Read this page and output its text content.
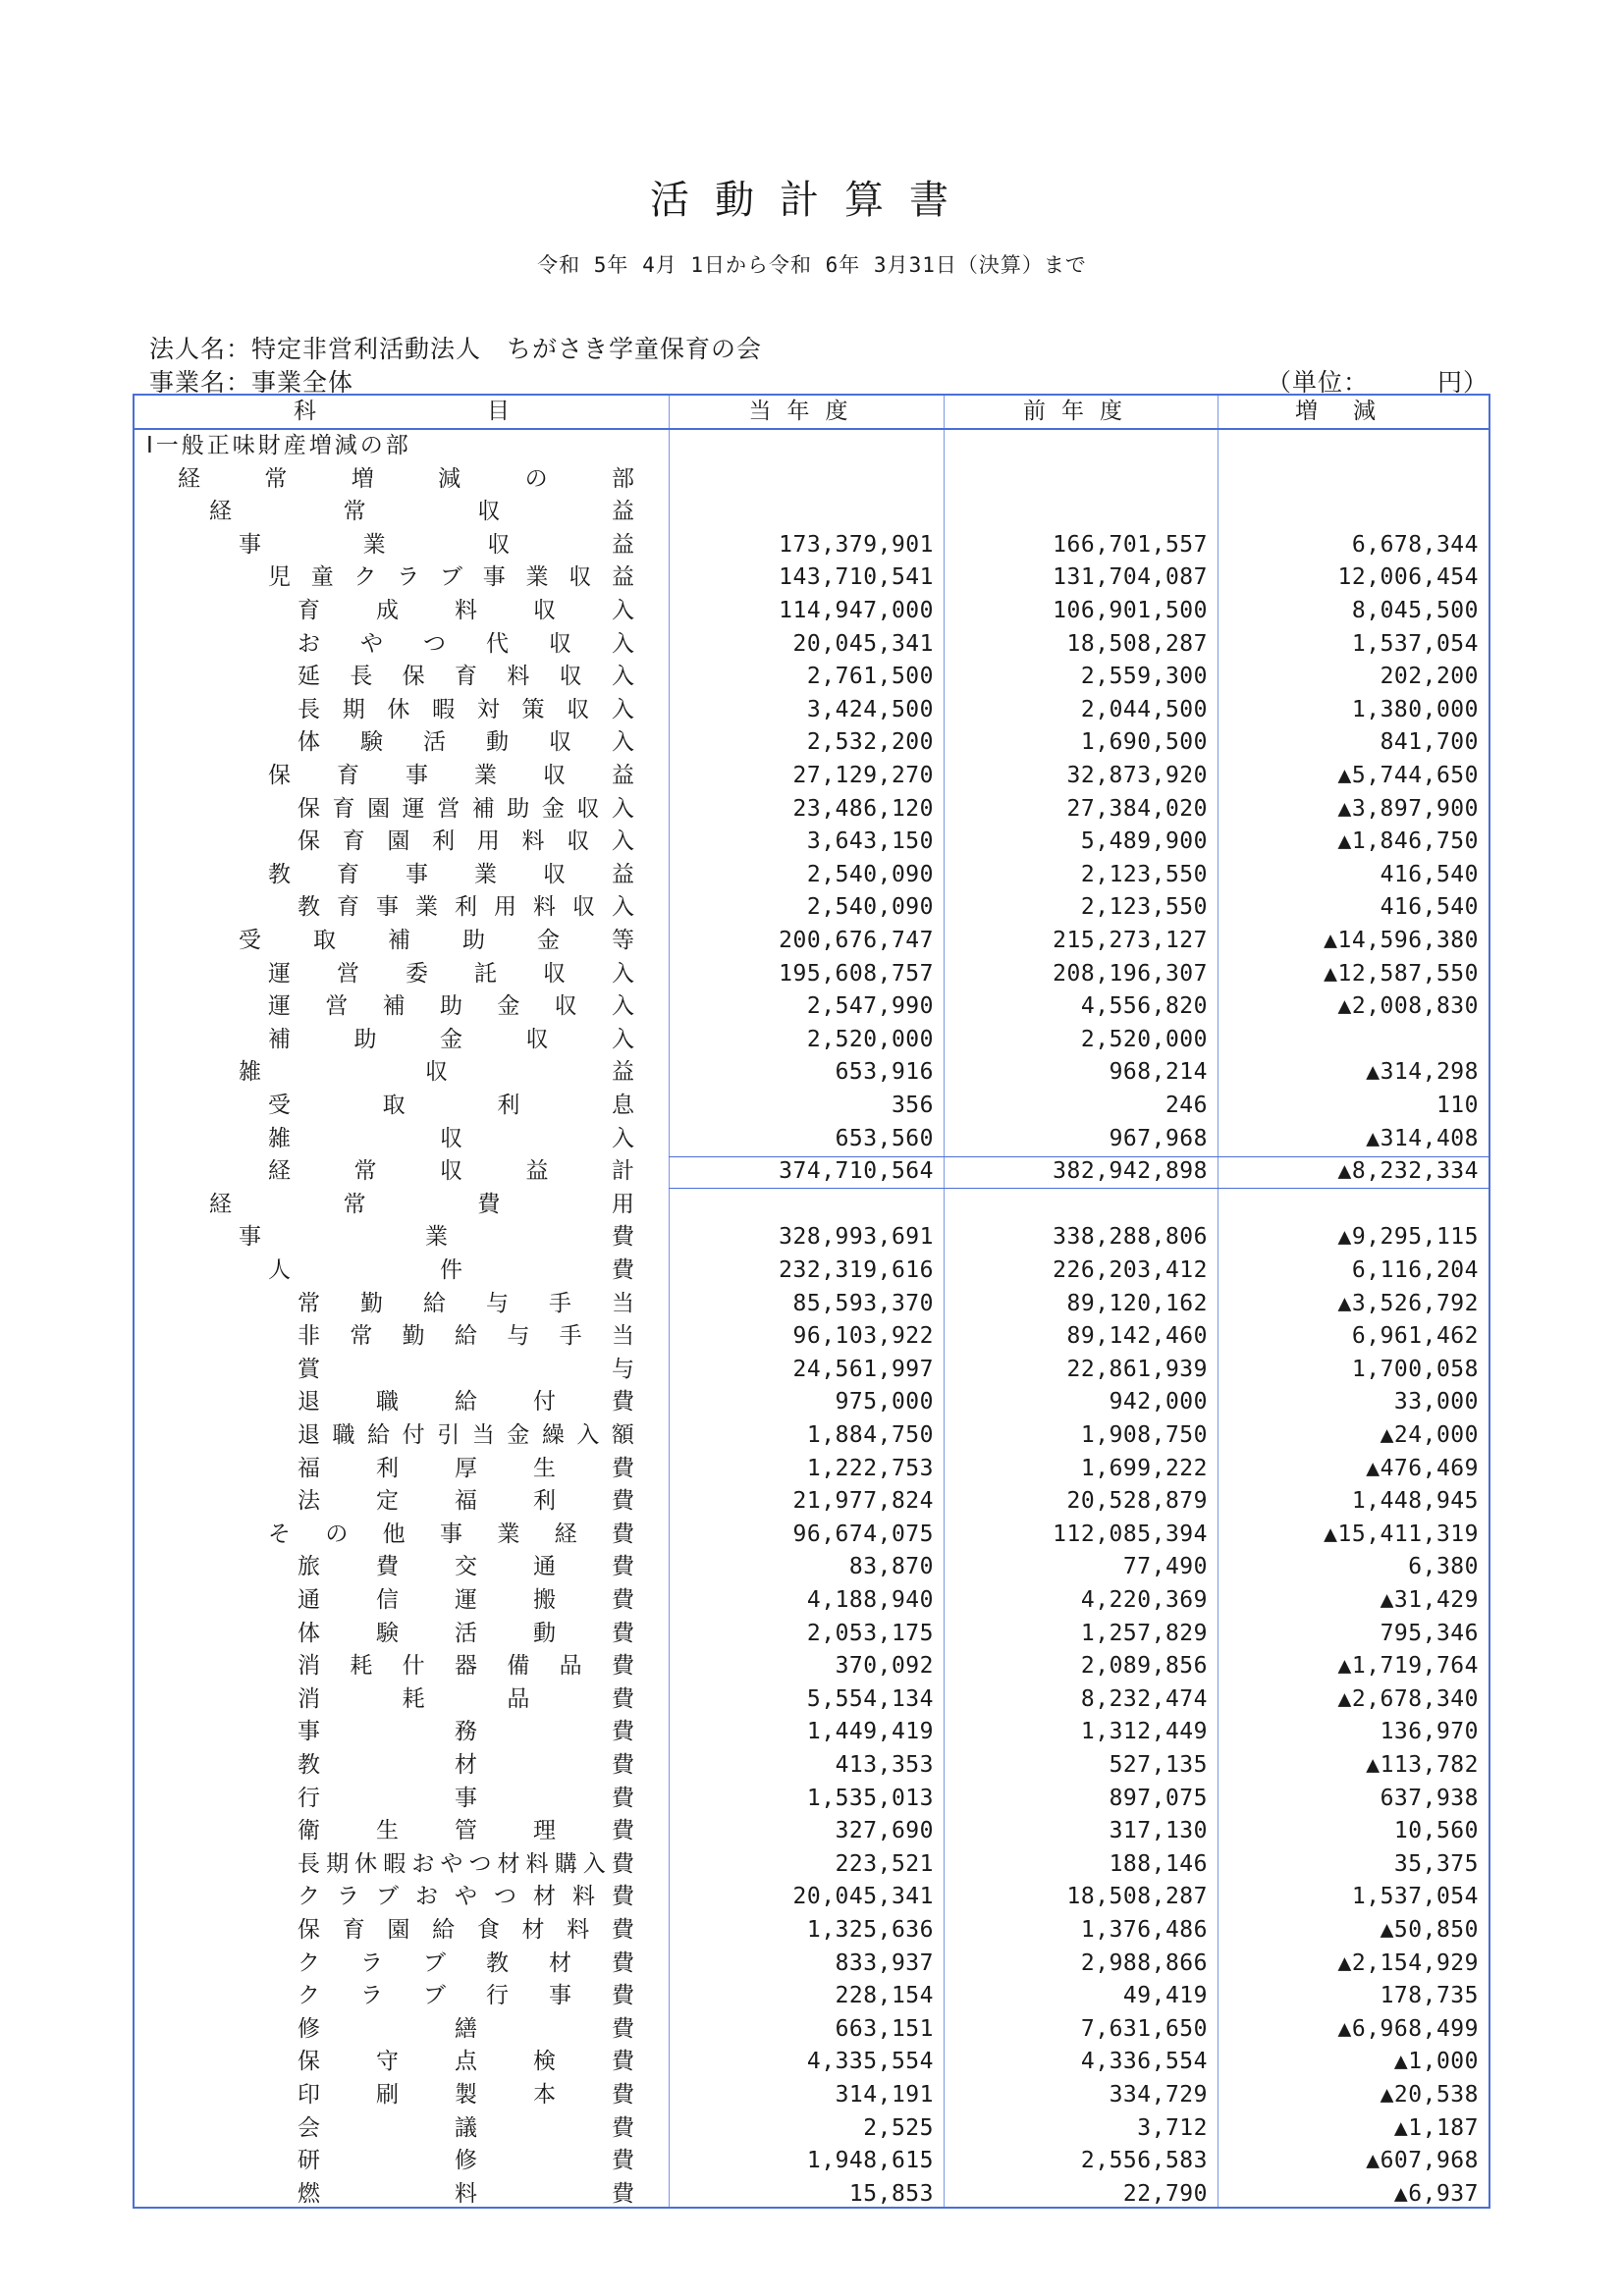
活動計算書
令和 5年 4月 1日から令和 6年 3月31日（決算）まで
法人名：特定非営利活動法人　ちがさき学童保育の会
事業名：事業全体	（単位：	円）
科	目	当年度	前年度	増減
Ⅰ一般正味財産増減の部
経	常	増	減	の	部
経	常	収	益
事	業	収	益	173,379,901	166,701,557	6,678,344
児 童 ク ラ ブ 事 業 収 益	143,710,541	131,704,087	12,006,454
育 成 料 収 入	114,947,000	106,901,500	8,045,500
お や つ 代 収 入	20,045,341	18,508,287	1,537,054
延 長 保 育 料 収 入	2,761,500	2,559,300	202,200
長 期 休 暇 対 策 収 入	3,424,500	2,044,500	1,380,000
体 験 活 動 収 入	2,532,200	1,690,500	841,700
保 育 事 業 収 益	27,129,270	32,873,920	▲5,744,650
保 育 園 運 営 補 助 金 収 入	23,486,120	27,384,020	▲3,897,900
保 育 園 利 用 料 収 入	3,643,150	5,489,900	▲1,846,750
教 育 事 業 収 益	2,540,090	2,123,550	416,540
教 育 事 業 利 用 料 収 入	2,540,090	2,123,550	416,540
受 取 補 助 金 等	200,676,747	215,273,127	▲14,596,380
運 営 委 託 収 入	195,608,757	208,196,307	▲12,587,550
運 営 補 助 金 収 入	2,547,990	4,556,820	▲2,008,830
補	助	金	収	入	2,520,000	2,520,000
雑	収	益	653,916	968,214	▲314,298
受	取	利	息	356	246	110
雑	収	入	653,560	967,968	▲314,408
経	常	収	益	計	374,710,564	382,942,898	▲8,232,334
経	常	費	用
事	業	費	328,993,691	338,288,806	▲9,295,115
人	件	費	232,319,616	226,203,412	6,116,204
常 勤 給 与 手 当	85,593,370	89,120,162	▲3,526,792
非 常 勤 給 与 手 当	96,103,922	89,142,460	6,961,462
賞	与	24,561,997	22,861,939	1,700,058
退 職 給 付 費	975,000	942,000	33,000
退 職 給 付 引 当 金 繰 入 額	1,884,750	1,908,750	▲24,000
福 利 厚 生 費	1,222,753	1,699,222	▲476,469
法 定 福 利 費	21,977,824	20,528,879	1,448,945
そ の 他 事 業 経 費	96,674,075	112,085,394	▲15,411,319
旅 費 交 通 費	83,870	77,490	6,380
通 信 運 搬 費	4,188,940	4,220,369	▲31,429
体 験 活 動 費	2,053,175	1,257,829	795,346
消 耗 什 器 備 品 費	370,092	2,089,856	▲1,719,764
消	耗	品	費	5,554,134	8,232,474	▲2,678,340
事	務	費	1,449,419	1,312,449	136,970
教	材	費	413,353	527,135	▲113,782
行	事	費	1,535,013	897,075	637,938
衛 生 管 理 費	327,690	317,130	10,560
長 期 休 暇 お や つ 材 料 購 入 費	223,521	188,146	35,375
ク ラ ブ お や つ 材 料 費	20,045,341	18,508,287	1,537,054
保 育 園 給 食 材 料 費	1,325,636	1,376,486	▲50,850
ク ラ ブ 教 材 費	833,937	2,988,866	▲2,154,929
ク ラ ブ 行 事 費	228,154	49,419	178,735
修	繕	費	663,151	7,631,650	▲6,968,499
保 守 点 検 費	4,335,554	4,336,554	▲1,000
印 刷 製 本 費	314,191	334,729	▲20,538
会	議	費	2,525	3,712	▲1,187
研	修	費	1,948,615	2,556,583	▲607,968
燃	料	費	15,853	22,790	▲6,937
